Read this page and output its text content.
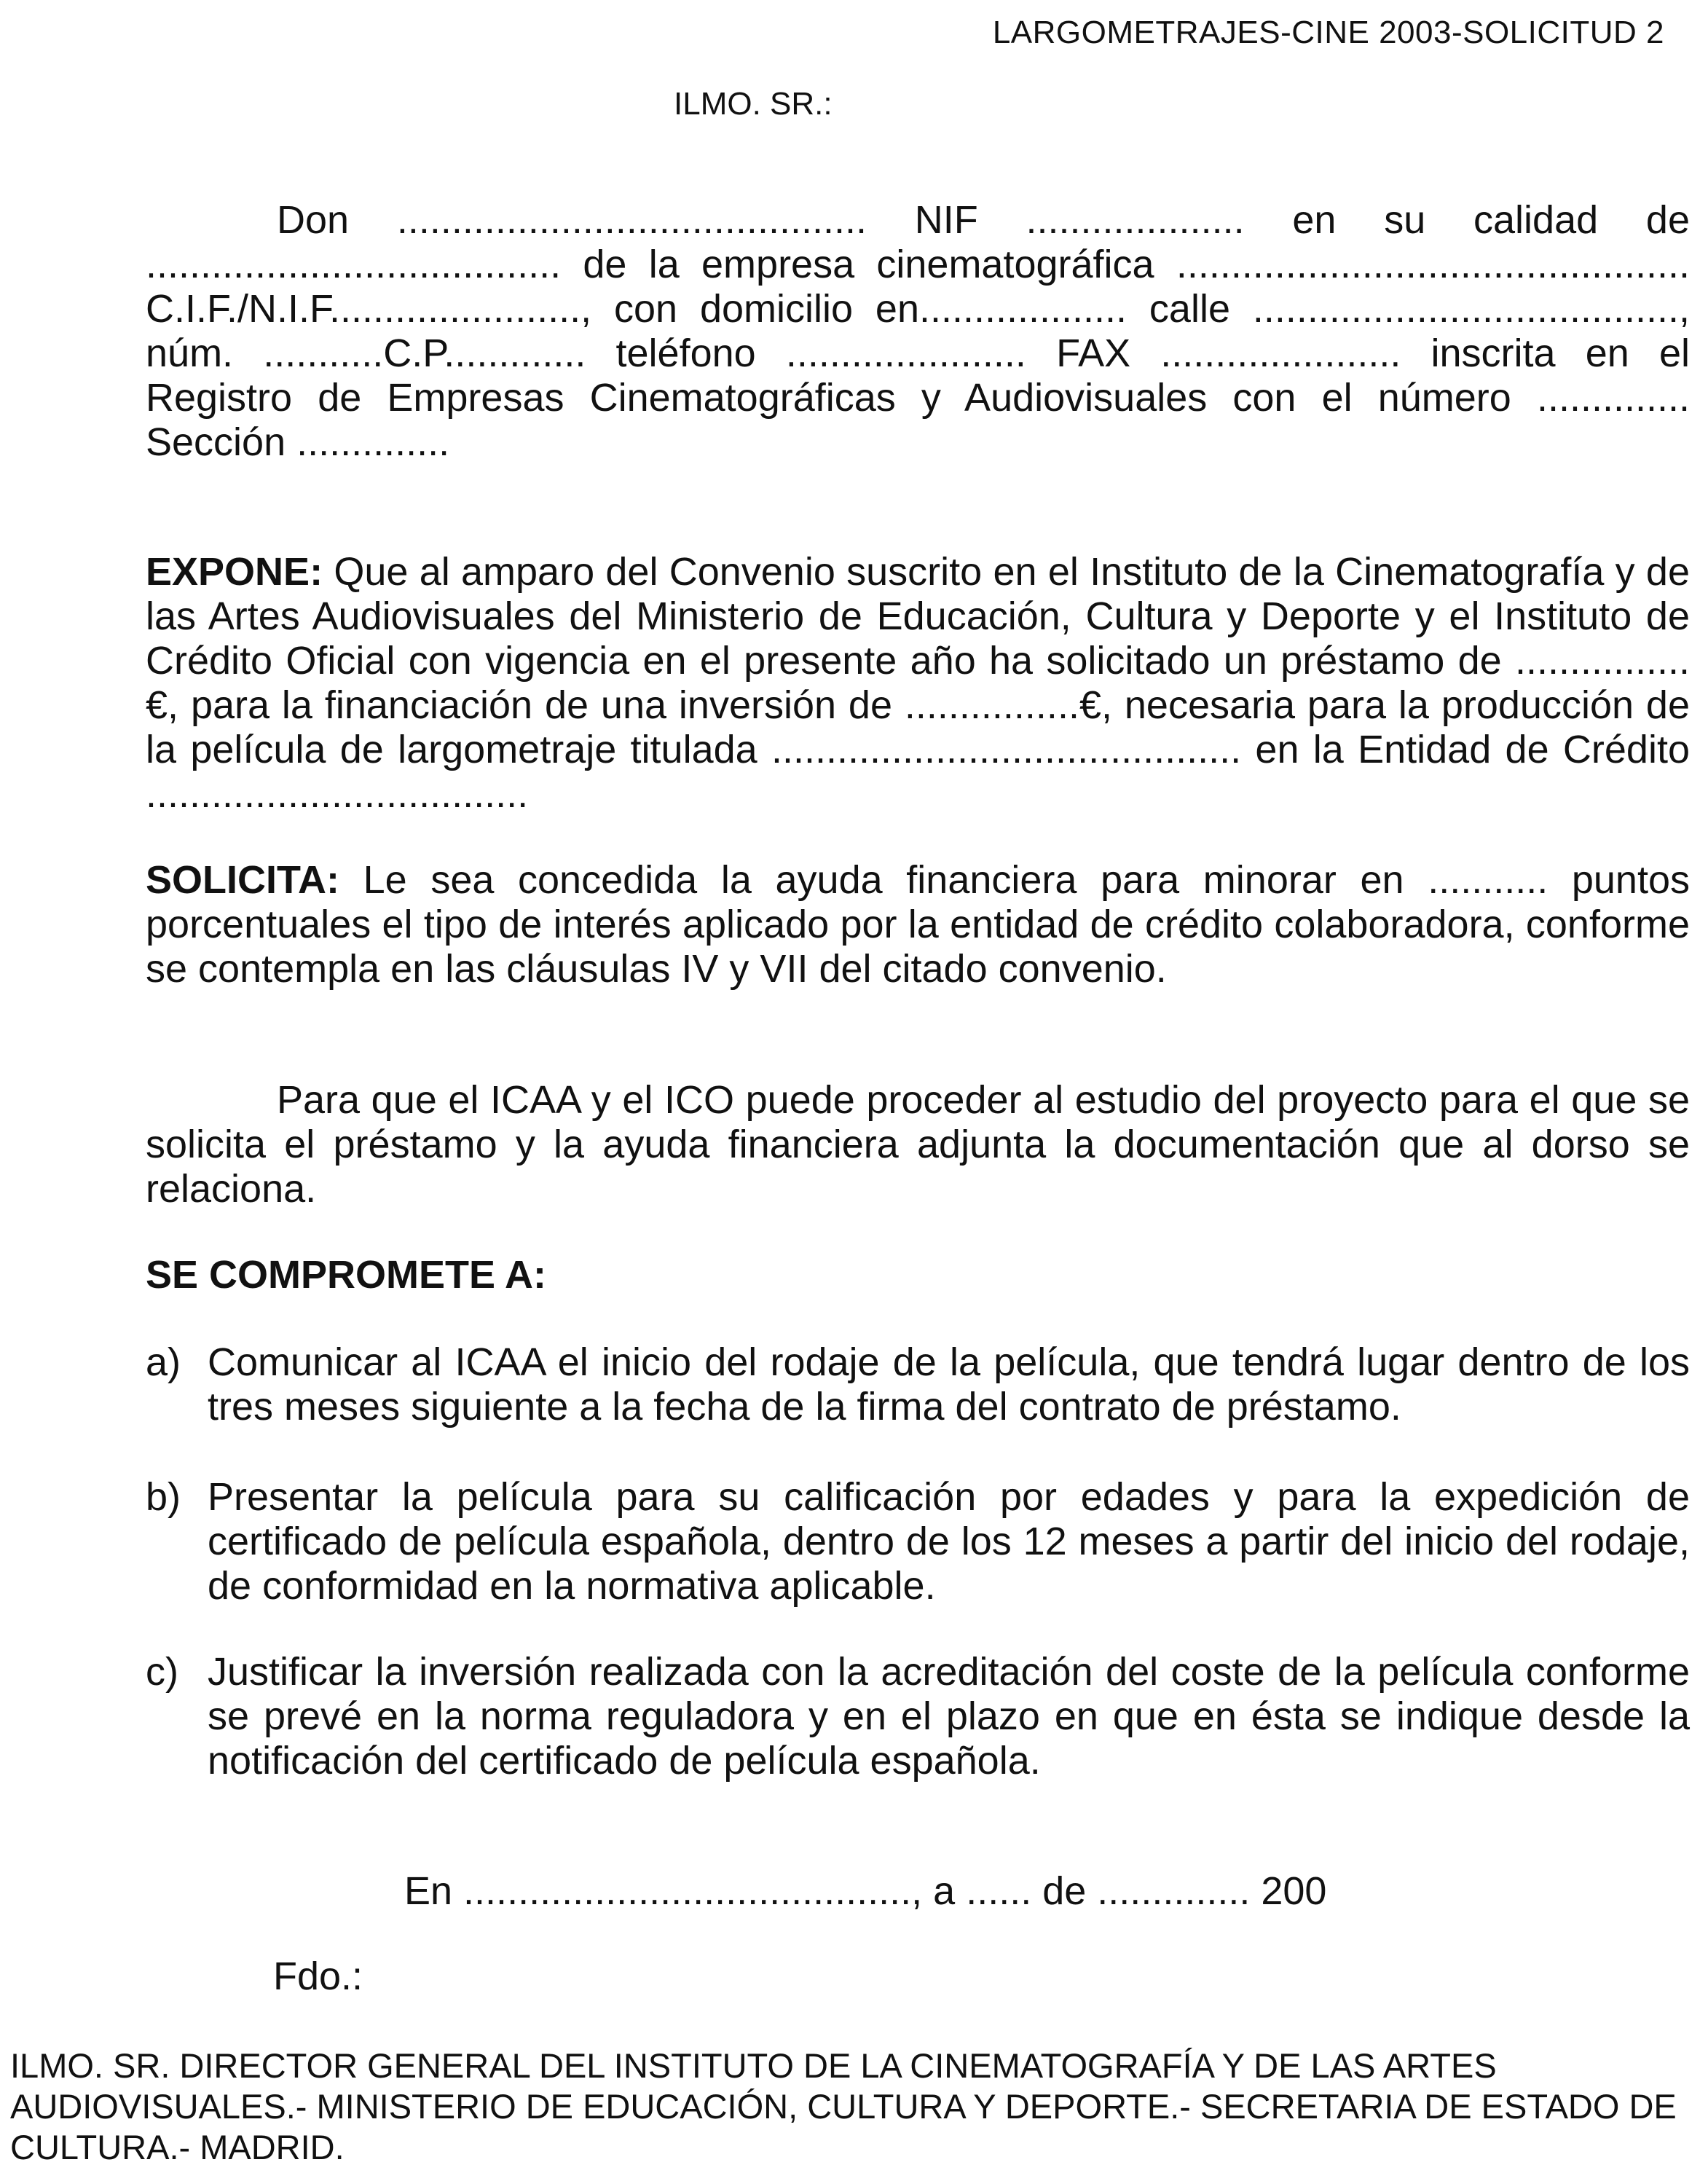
LARGOMETRAJES-CINE 2003-SOLICITUD 2
ILMO. SR.:

Don ........................................... NIF .................... en su calidad de ...................................... de la empresa cinematográfica ............................................... C.I.F./N.I.F......................., con domicilio en................... calle ......................................., núm. ...........C.P............. teléfono ...................... FAX ...................... inscrita en el Registro de Empresas Cinematográficas y Audiovisuales con el número .............. Sección ..............

EXPONE: Que al amparo del Convenio suscrito en el Instituto de la Cinematografía y de las Artes Audiovisuales del Ministerio de Educación, Cultura y Deporte y el Instituto de Crédito Oficial con vigencia en el presente año ha solicitado un préstamo de ................ €, para la financiación de una inversión de ................€, necesaria para la producción de la película de largometraje titulada ........................................... en la Entidad de Crédito ...................................

SOLICITA: Le sea concedida la ayuda financiera para minorar en ........... puntos porcentuales el tipo de interés aplicado por la entidad de crédito colaboradora, conforme se contempla en las cláusulas IV y VII del citado convenio.

Para que el ICAA y el ICO puede proceder al estudio del proyecto para el que se solicita el préstamo y la ayuda financiera adjunta la documentación que al dorso se relaciona.

SE COMPROMETE A:
a) Comunicar al ICAA el inicio del rodaje de la película, que tendrá lugar dentro de los tres meses siguiente a la fecha de la firma del contrato de préstamo.
b) Presentar la película para su calificación por edades y para la expedición de certificado de película española, dentro de los 12 meses a partir del inicio del rodaje, de conformidad en la normativa aplicable.
c) Justificar la inversión realizada con la acreditación del coste de la película conforme se prevé en la norma reguladora y en el plazo en que en ésta se indique desde la notificación del certificado de película española.
En ........................................., a ...... de .............. 200
Fdo.:
ILMO. SR. DIRECTOR GENERAL DEL INSTITUTO DE LA CINEMATOGRAFÍA Y DE LAS ARTES AUDIOVISUALES.- MINISTERIO DE EDUCACIÓN, CULTURA Y DEPORTE.- SECRETARIA DE ESTADO DE CULTURA.- MADRID.
